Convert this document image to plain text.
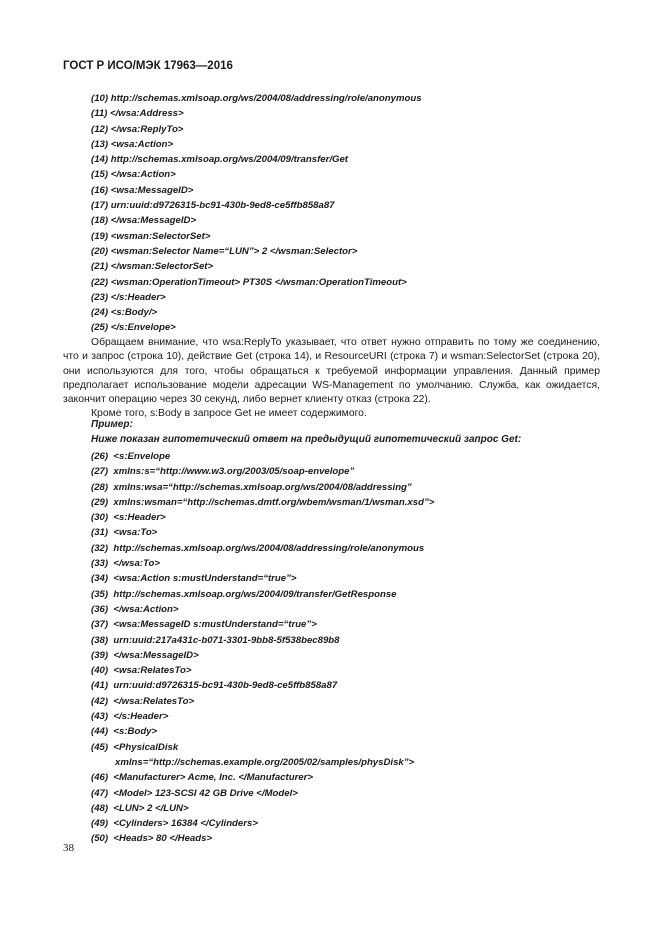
ГОСТ Р ИСО/МЭК 17963—2016
(10) http://schemas.xmlsoap.org/ws/2004/08/addressing/role/anonymous
(11) </wsa:Address>
(12) </wsa:ReplyTo>
(13) <wsa:Action>
(14) http://schemas.xmlsoap.org/ws/2004/09/transfer/Get
(15) </wsa:Action>
(16) <wsa:MessageID>
(17) urn:uuid:d9726315-bc91-430b-9ed8-ce5ffb858a87
(18) </wsa:MessageID>
(19) <wsman:SelectorSet>
(20) <wsman:Selector Name=“LUN”> 2 </wsman:Selector>
(21) </wsman:SelectorSet>
(22) <wsman:OperationTimeout> PT30S </wsman:OperationTimeout>
(23) </s:Header>
(24) <s:Body/>
(25) </s:Envelope>

Обращаем внимание, что wsa:ReplyTo указывает, что ответ нужно отправить по тому же соединению, что и запрос (строка 10), действие Get (строка 14), и ResourceURI (строка 7) и wsman:SelectorSet (строка 20), они используются для того, чтобы обращаться к требуемой информации управления. Данный пример предполагает использование модели адресации WS-Management по умолчанию. Служба, как ожидается, закончит операцию через 30 секунд, либо вернет клиенту отказ (строка 22).

Кроме того, s:Body в запросе Get не имеет содержимого.

Пример:
Ниже показан гипотетический ответ на предыдущий гипотетический запрос Get:
(26)  <s:Envelope
(27)  xmlns:s=“http://www.w3.org/2003/05/soap-envelope”
(28)  xmlns:wsa=“http://schemas.xmlsoap.org/ws/2004/08/addressing”
(29)  xmlns:wsman=“http://schemas.dmtf.org/wbem/wsman/1/wsman.xsd”>
(30)  <s:Header>
(31)  <wsa:To>
(32)  http://schemas.xmlsoap.org/ws/2004/08/addressing/role/anonymous
(33)  </wsa:To>
(34)  <wsa:Action s:mustUnderstand=“true”>
(35)  http://schemas.xmlsoap.org/ws/2004/09/transfer/GetResponse
(36)  </wsa:Action>
(37)  <wsa:MessageID s:mustUnderstand=“true”>
(38)  urn:uuid:217a431c-b071-3301-9bb8-5f538bec89b8
(39)  </wsa:MessageID>
(40)  <wsa:RelatesTo>
(41)  urn:uuid:d9726315-bc91-430b-9ed8-ce5ffb858a87
(42)  </wsa:RelatesTo>
(43)  </s:Header>
(44)  <s:Body>
(45)  <PhysicalDisk
xmlns=“http://schemas.example.org/2005/02/samples/physDisk”>
(46)  <Manufacturer> Acme, Inc. </Manufacturer>
(47)  <Model> 123-SCSI 42 GB Drive </Model>
(48)  <LUN> 2 </LUN>
(49)  <Cylinders> 16384 </Cylinders>
(50)  <Heads> 80 </Heads>
38
